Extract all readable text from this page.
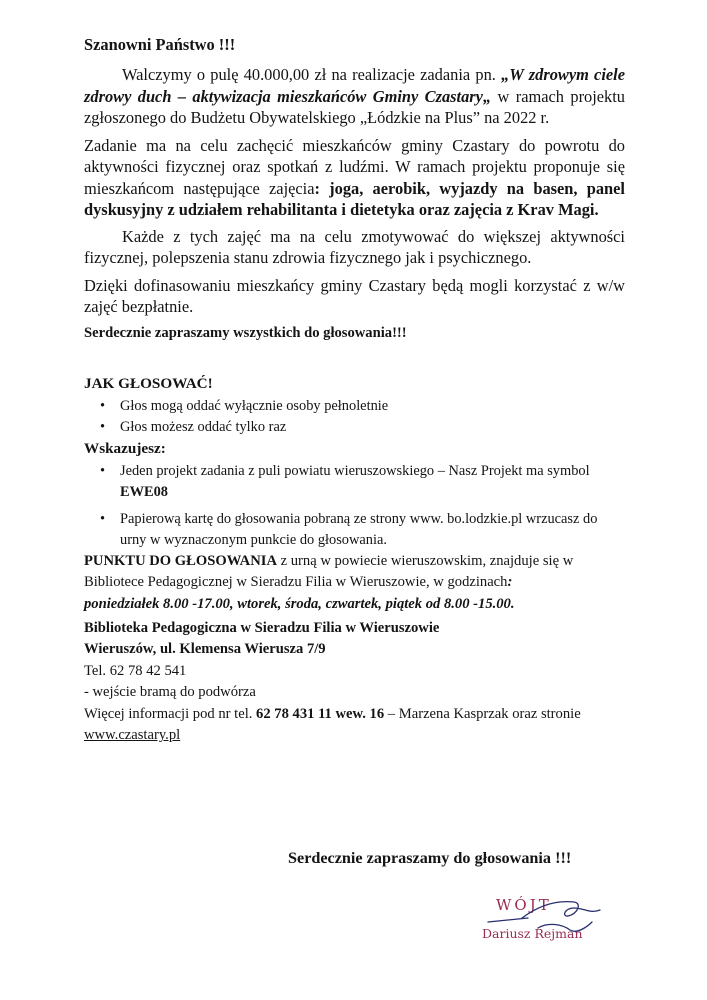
Szanowni Państwo !!!

Walczymy o pulę 40.000,00 zł na realizacje zadania pn. „W zdrowym ciele zdrowy duch – aktywizacja mieszkańców Gminy Czastary„ w ramach projektu zgłoszonego do Budżetu Obywatelskiego „Łódzkie na Plus” na 2022 r.

Zadanie ma na celu zachęcić mieszkańców gminy Czastary do powrotu do aktywności fizycznej oraz spotkań z ludźmi. W ramach projektu proponuje się mieszkańcom następujące zajęcia: joga, aerobik, wyjazdy na basen, panel dyskusyjny z udziałem rehabilitanta i dietetyka oraz zajęcia z Krav Magi.

Każde z tych zajęć ma na celu zmotywować do większej aktywności fizycznej, polepszenia stanu zdrowia fizycznego jak i psychicznego.

Dzięki dofinasowaniu mieszkańcy gminy Czastary będą mogli korzystać z w/w zajęć bezpłatnie.

Serdecznie zapraszamy wszystkich do głosowania!!!

JAK GŁOSOWAĆ!

• Głos mogą oddać wyłącznie osoby pełnoletnie
• Głos możesz oddać tylko raz

Wskazujesz:

• Jeden projekt zadania z puli powiatu wieruszowskiego – Nasz Projekt ma symbol EWE08
• Papierową kartę do głosowania pobraną ze strony www. bo.lodzkie.pl wrzucasz do urny w wyznaczonym punkcie do głosowania.

PUNKTU DO GŁOSOWANIA z urną w powiecie wieruszowskim, znajduje się w Bibliotece Pedagogicznej w Sieradzu Filia w Wieruszowie, w godzinach:

poniedziałek 8.00 -17.00, wtorek, środa, czwartek, piątek od 8.00 -15.00.

Biblioteka Pedagogiczna w Sieradzu Filia w Wieruszowie

Wieruszów, ul. Klemensa Wierusza 7/9

Tel. 62 78 42 541

- wejście bramą do podwórza

Więcej informacji pod nr tel. 62 78 431 11 wew. 16 – Marzena Kasprzak oraz stronie www.czastary.pl

Serdecznie zapraszamy do głosowania !!!
WÓJT
Dariusz Rejman
